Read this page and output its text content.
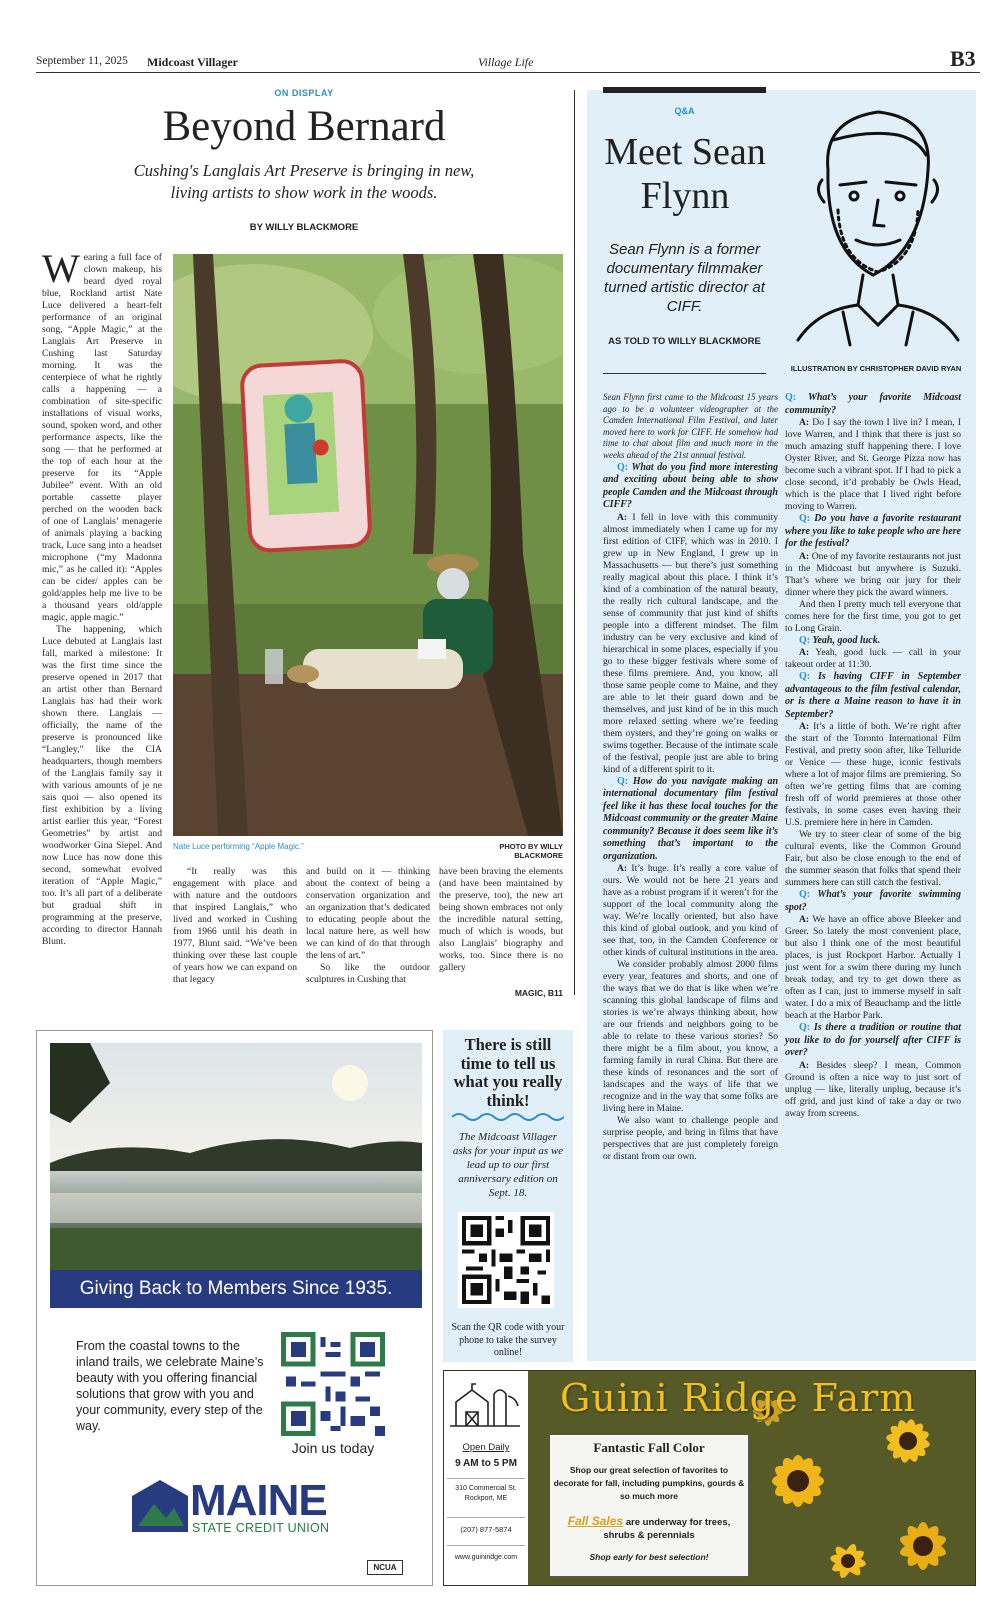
September 11, 2025 Midcoast Villager	Village Life	B3
ON DISPLAY
Beyond Bernard
Cushing's Langlais Art Preserve is bringing in new, living artists to show work in the woods.
BY WILLY BLACKMORE

Wearing a full face of clown makeup, his beard dyed royal blue, Rockland artist Nate Luce delivered a heart-felt performance of an original song, “Apple Magic,” at the Langlais Art Preserve in Cushing last Saturday morning. It was the centerpiece of what he rightly calls a happening — a combination of site-specific installations of visual works, sound, spoken word, and other performance aspects, like the song — that he performed at the top of each hour at the preserve for its “Apple Jubilee” event. With an old portable cassette player perched on the wooden back of one of Langlais’ menagerie of animals playing a backing track, Luce sang into a headset microphone (“my Madonna mic,” as he called it): “Apples can be cider/ apples can be gold/apples help me live to be a thousand years old/apple magic, apple magic.”

The happening, which Luce debuted at Langlais last fall, marked a milestone: It was the first time since the preserve opened in 2017 that an artist other than Bernard Langlais has had their work shown there. Langlais — officially, the name of the preserve is pronounced like “Langley,” like the CIA headquarters, though members of the Langlais family say it with various amounts of je ne sais quoi — also opened its first exhibition by a living artist earlier this year, “Forest Geometries” by artist and woodworker Gina Siepel. And now Luce has now done this second, somewhat evolved iteration of “Apple Magic,” too. It’s all part of a deliberate but gradual shift in programming at the preserve, according to director Hannah Blunt.

Nate Luce performing “Apple Magic.”	PHOTO BY WILLY BLACKMORE

“It really was this engagement with place and with nature and the outdoors that inspired Langlais,” who lived and worked in Cushing from 1966 until his death in 1977, Blunt said. “We’ve been thinking over these last couple of years how we can expand on that legacy

and build on it — thinking about the context of being a conservation organization and an organization that’s dedicated to educating people about the local nature here, as well how we can kind of do that through the lens of art.”

So like the outdoor sculptures in Cushing that

have been braving the elements (and have been maintained by the preserve, too), the new art being shown embraces not only the incredible natural setting, much of which is woods, but also Langlais’ biography and works, too. Since there is no gallery

MAGIC, B11
Q&A
Meet Sean Flynn
Sean Flynn is a former documentary filmmaker turned artistic director at CIFF.
AS TOLD TO WILLY BLACKMORE
ILLUSTRATION BY CHRISTOPHER DAVID RYAN

Sean Flynn first came to the Midcoast 15 years ago to be a volunteer videographer at the Camden International Film Festival, and later moved here to work for CIFF. He somehow had time to chat about film and much more in the weeks ahead of the 21st annual festival.

Q: What do you find more interesting and exciting about being able to show people Camden and the Midcoast through CIFF?

A: I fell in love with this community almost immediately when I came up for my first edition of CIFF, which was in 2010. I grew up in New England, I grew up in Massachusetts — but there’s just something really magical about this place. I think it’s kind of a combination of the natural beauty, the really rich cultural landscape, and the sense of community that just kind of shifts people into a different mindset. The film industry can be very exclusive and kind of hierarchical in some places, especially if you go to these bigger festivals where some of these films premiere. And, you know, all those same people come to Maine, and they are able to let their guard down and be themselves, and just kind of be in this much more relaxed setting where we’re feeding them oysters, and they’re going on walks or swims together. Because of the intimate scale of the festival, people just are able to bring kind of a different spirit to it.

Q: How do you navigate making an international documentary film festival feel like it has these local touches for the Midcoast community or the greater Maine community? Because it does seem like it’s something that’s important to the organization.

A: It’s huge. It’s really a core value of ours. We would not be here 21 years and have as a robust program if it weren’t for the support of the local community along the way. We’re locally oriented, but also have this kind of global outlook, and you kind of see that, too, in the Camden Conference or other kinds of cultural institutions in the area.

We consider probably almost 2000 films every year, features and shorts, and one of the ways that we do that is like when we’re scanning this global landscape of films and stories is we’re always thinking about, how are our friends and neighbors going to be able to relate to these various stories? So there might be a film about, you know, a farming family in rural China. But there are these kinds of resonances and the sort of landscapes and the ways of life that we recognize and in the way that some folks are living here in Maine.

We also want to challenge people and surprise people, and bring in films that have perspectives that are just completely foreign or distant from our own.

Q: What’s your favorite Midcoast community?

A: Do I say the town I live in? I mean, I love Warren, and I think that there is just so much amazing stuff happening there. I love Oyster River, and St. George Pizza now has become such a vibrant spot. If I had to pick a close second, it’d probably be Owls Head, which is the place that I lived right before moving to Warren.

Q: Do you have a favorite restaurant where you like to take people who are here for the festival?

A: One of my favorite restaurants not just in the Midcoast but anywhere is Suzuki. That’s where we bring our jury for their dinner where they pick the award winners.

And then I pretty much tell everyone that comes here for the first time, you got to get to Long Grain.

Q: Yeah, good luck.

A: Yeah, good luck — call in your takeout order at 11:30.

Q: Is having CIFF in September advantageous to the film festival calendar, or is there a Maine reason to have it in September?

A: It’s a little of both. We’re right after the start of the Toronto International Film Festival, and pretty soon after, like Telluride or Venice — these huge, iconic festivals where a lot of major films are premiering. So often we’re getting films that are coming fresh off of world premieres at those other festivals, in some cases even having their U.S. premiere here in here in Camden.

We try to steer clear of some of the big cultural events, like the Common Ground Fair, but also be close enough to the end of the summer season that folks that spend their summers here can still catch the festival.

Q: What’s your favorite swimming spot?

A: We have an office above Bleeker and Greer. So lately the most convenient place, but also I think one of the most beautiful places, is just Rockport Harbor. Actually I just went for a swim there during my lunch break today, and try to get down there as often as I can, just to immerse myself in salt water. I do a mix of Beauchamp and the little beach at the Harbor Park.

Q: Is there a tradition or routine that you like to do for yourself after CIFF is over?

A: Besides sleep? I mean, Common Ground is often a nice way to just sort of unplug — like, literally unplug, because it’s off grid, and just kind of take a day or two away from screens.

Giving Back to Members Since 1935.
From the coastal towns to the inland trails, we celebrate Maine’s beauty with you offering financial solutions that grow with you and your community, every step of the way.
Join us today
MAINE
STATE CREDIT UNION
NCUA
There is still time to tell us what you really think!
The Midcoast Villager asks for your input as we lead up to our first anniversary edition on Sept. 18.
Scan the QR code with your phone to take the survey online!
Open Daily
9 AM to 5 PM
310 Commercial St. Rockport, ME
(207) 877-5874
www.guiniridge.com
Guini Ridge Farm
Fantastic Fall Color
Shop our great selection of favorites to decorate for fall, including pumpkins, gourds & so much more
Fall Sales are underway for trees, shrubs & perennials
Shop early for best selection!
